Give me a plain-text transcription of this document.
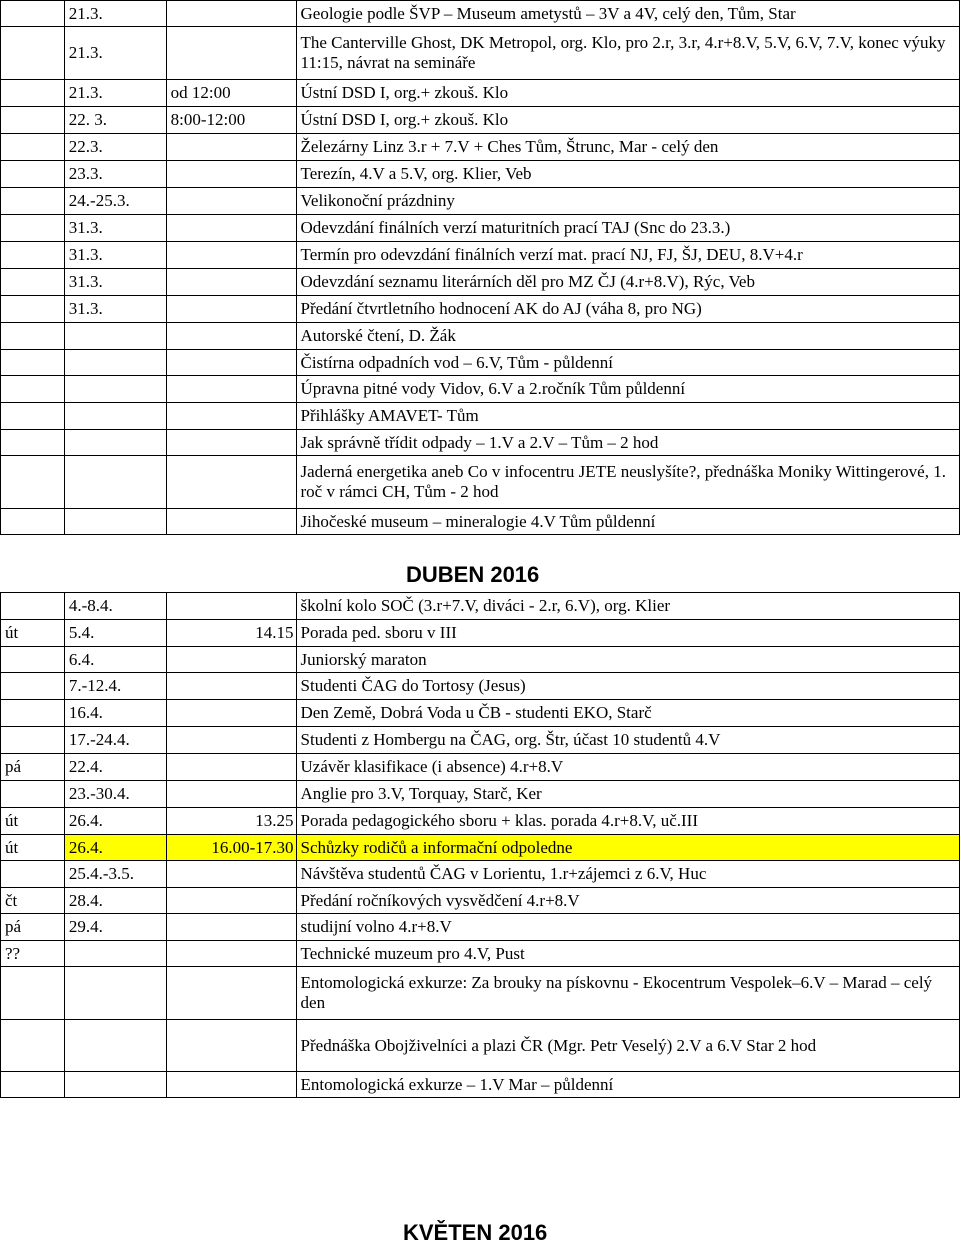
	21.3.		Geologie podle ŠVP – Museum ametystů – 3V a 4V, celý den, Tům, Star
	21.3.		The Canterville Ghost, DK Metropol, org. Klo, pro 2.r, 3.r, 4.r+8.V, 5.V, 6.V, 7.V, konec výuky 11:15, návrat na semináře
	21.3.	od 12:00	Ústní DSD I, org.+ zkouš. Klo
	22. 3.	8:00-12:00	Ústní DSD I, org.+ zkouš. Klo
	22.3.		Železárny Linz 3.r + 7.V + Ches Tům, Štrunc, Mar - celý den
	23.3.		Terezín, 4.V a 5.V, org. Klier, Veb
	24.-25.3.		Velikonoční prázdniny
	31.3.		Odevzdání finálních verzí maturitních prací TAJ (Snc do 23.3.)
	31.3.		Termín pro odevzdání finálních verzí mat. prací NJ, FJ, ŠJ, DEU, 8.V+4.r
	31.3.		Odevzdání seznamu literárních děl pro MZ ČJ (4.r+8.V), Rýc, Veb
	31.3.		Předání čtvrtletního hodnocení AK do AJ (váha 8, pro NG)
			Autorské čtení, D. Žák
			Čistírna odpadních vod – 6.V, Tům - půldenní
			Úpravna pitné vody Vidov, 6.V a 2.ročník Tům půldenní
			Přihlášky AMAVET- Tům
			Jak správně třídit odpady – 1.V a 2.V – Tům – 2 hod
			Jaderná energetika aneb Co v infocentru JETE neuslyšíte?, přednáška Moniky Wittingerové, 1. roč v rámci CH, Tům - 2 hod
			Jihočeské museum – mineralogie 4.V Tům půldenní
DUBEN 2016
	4.-8.4.		školní kolo SOČ (3.r+7.V, diváci - 2.r, 6.V), org. Klier
út	5.4.	14.15	Porada ped. sboru v III
	6.4.		Juniorský maraton
	7.-12.4.		Studenti ČAG do Tortosy (Jesus)
	16.4.		Den Země, Dobrá Voda u ČB - studenti EKO, Starč
	17.-24.4.		Studenti z Hombergu na ČAG, org. Štr, účast 10 studentů 4.V
pá	22.4.		Uzávěr klasifikace (i absence) 4.r+8.V
	23.-30.4.		Anglie pro 3.V, Torquay, Starč, Ker
út	26.4.	13.25	Porada pedagogického sboru + klas. porada 4.r+8.V, uč.III
út	26.4.	16.00-17.30	Schůzky rodičů a informační odpoledne
	25.4.-3.5.		Návštěva studentů ČAG v Lorientu, 1.r+zájemci z 6.V, Huc
čt	28.4.		Předání ročníkových vysvědčení 4.r+8.V
pá	29.4.		studijní volno 4.r+8.V
??			Technické muzeum pro 4.V, Pust
			Entomologická exkurze: Za brouky na pískovnu - Ekocentrum Vespolek–6.V – Marad – celý den
			Přednáška Obojživelníci a plazi ČR (Mgr. Petr Veselý) 2.V a 6.V Star 2 hod
			Entomologická exkurze – 1.V Mar – půldenní
KVĚTEN 2016
